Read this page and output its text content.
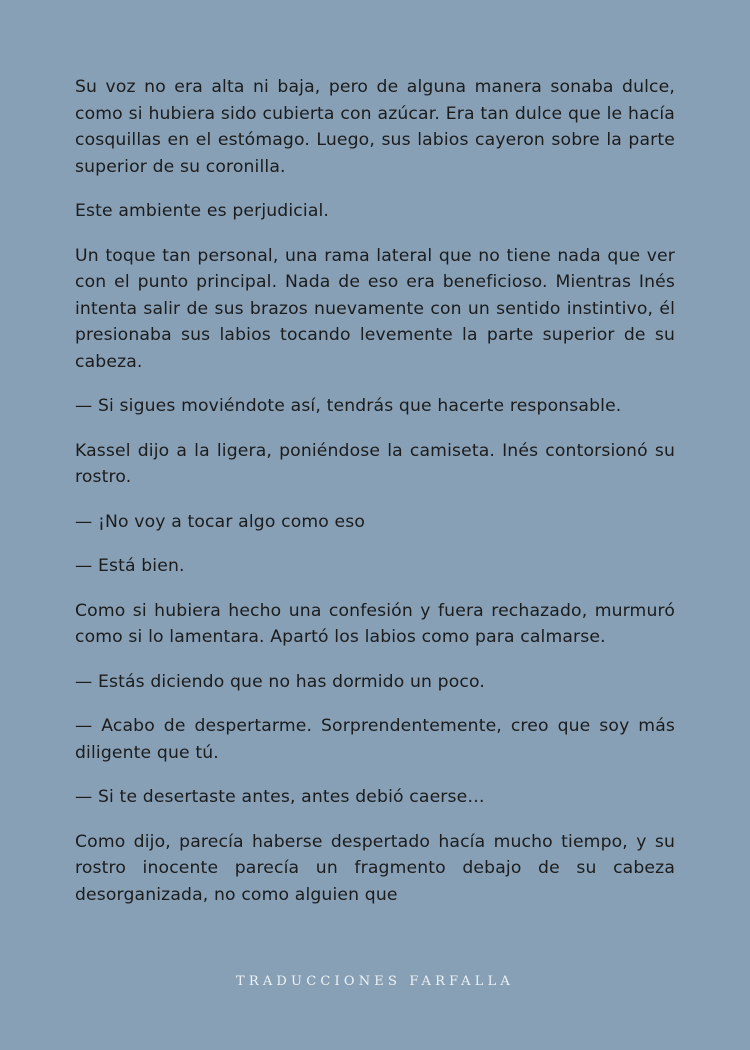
Su voz no era alta ni baja, pero de alguna manera sonaba dulce, como si hubiera sido cubierta con azúcar. Era tan dulce que le hacía cosquillas en el estómago. Luego, sus labios cayeron sobre la parte superior de su coronilla.

Este ambiente es perjudicial.

Un toque tan personal, una rama lateral que no tiene nada que ver con el punto principal. Nada de eso era beneficioso. Mientras Inés intenta salir de sus brazos nuevamente con un sentido instintivo, él presionaba sus labios tocando levemente la parte superior de su cabeza.

— Si sigues moviéndote así, tendrás que hacerte responsable.

Kassel dijo a la ligera, poniéndose la camiseta. Inés contorsionó su rostro.

— ¡No voy a tocar algo como eso

— Está bien.

Como si hubiera hecho una confesión y fuera rechazado, murmuró como si lo lamentara. Apartó los labios como para calmarse.

— Estás diciendo que no has dormido un poco.

— Acabo de despertarme. Sorprendentemente, creo que soy más diligente que tú.

— Si te desertaste antes, antes debió caerse…

Como dijo, parecía haberse despertado hacía mucho tiempo, y su rostro inocente parecía un fragmento debajo de su cabeza desorganizada, no como alguien que

TRADUCCIONES FARFALLA
